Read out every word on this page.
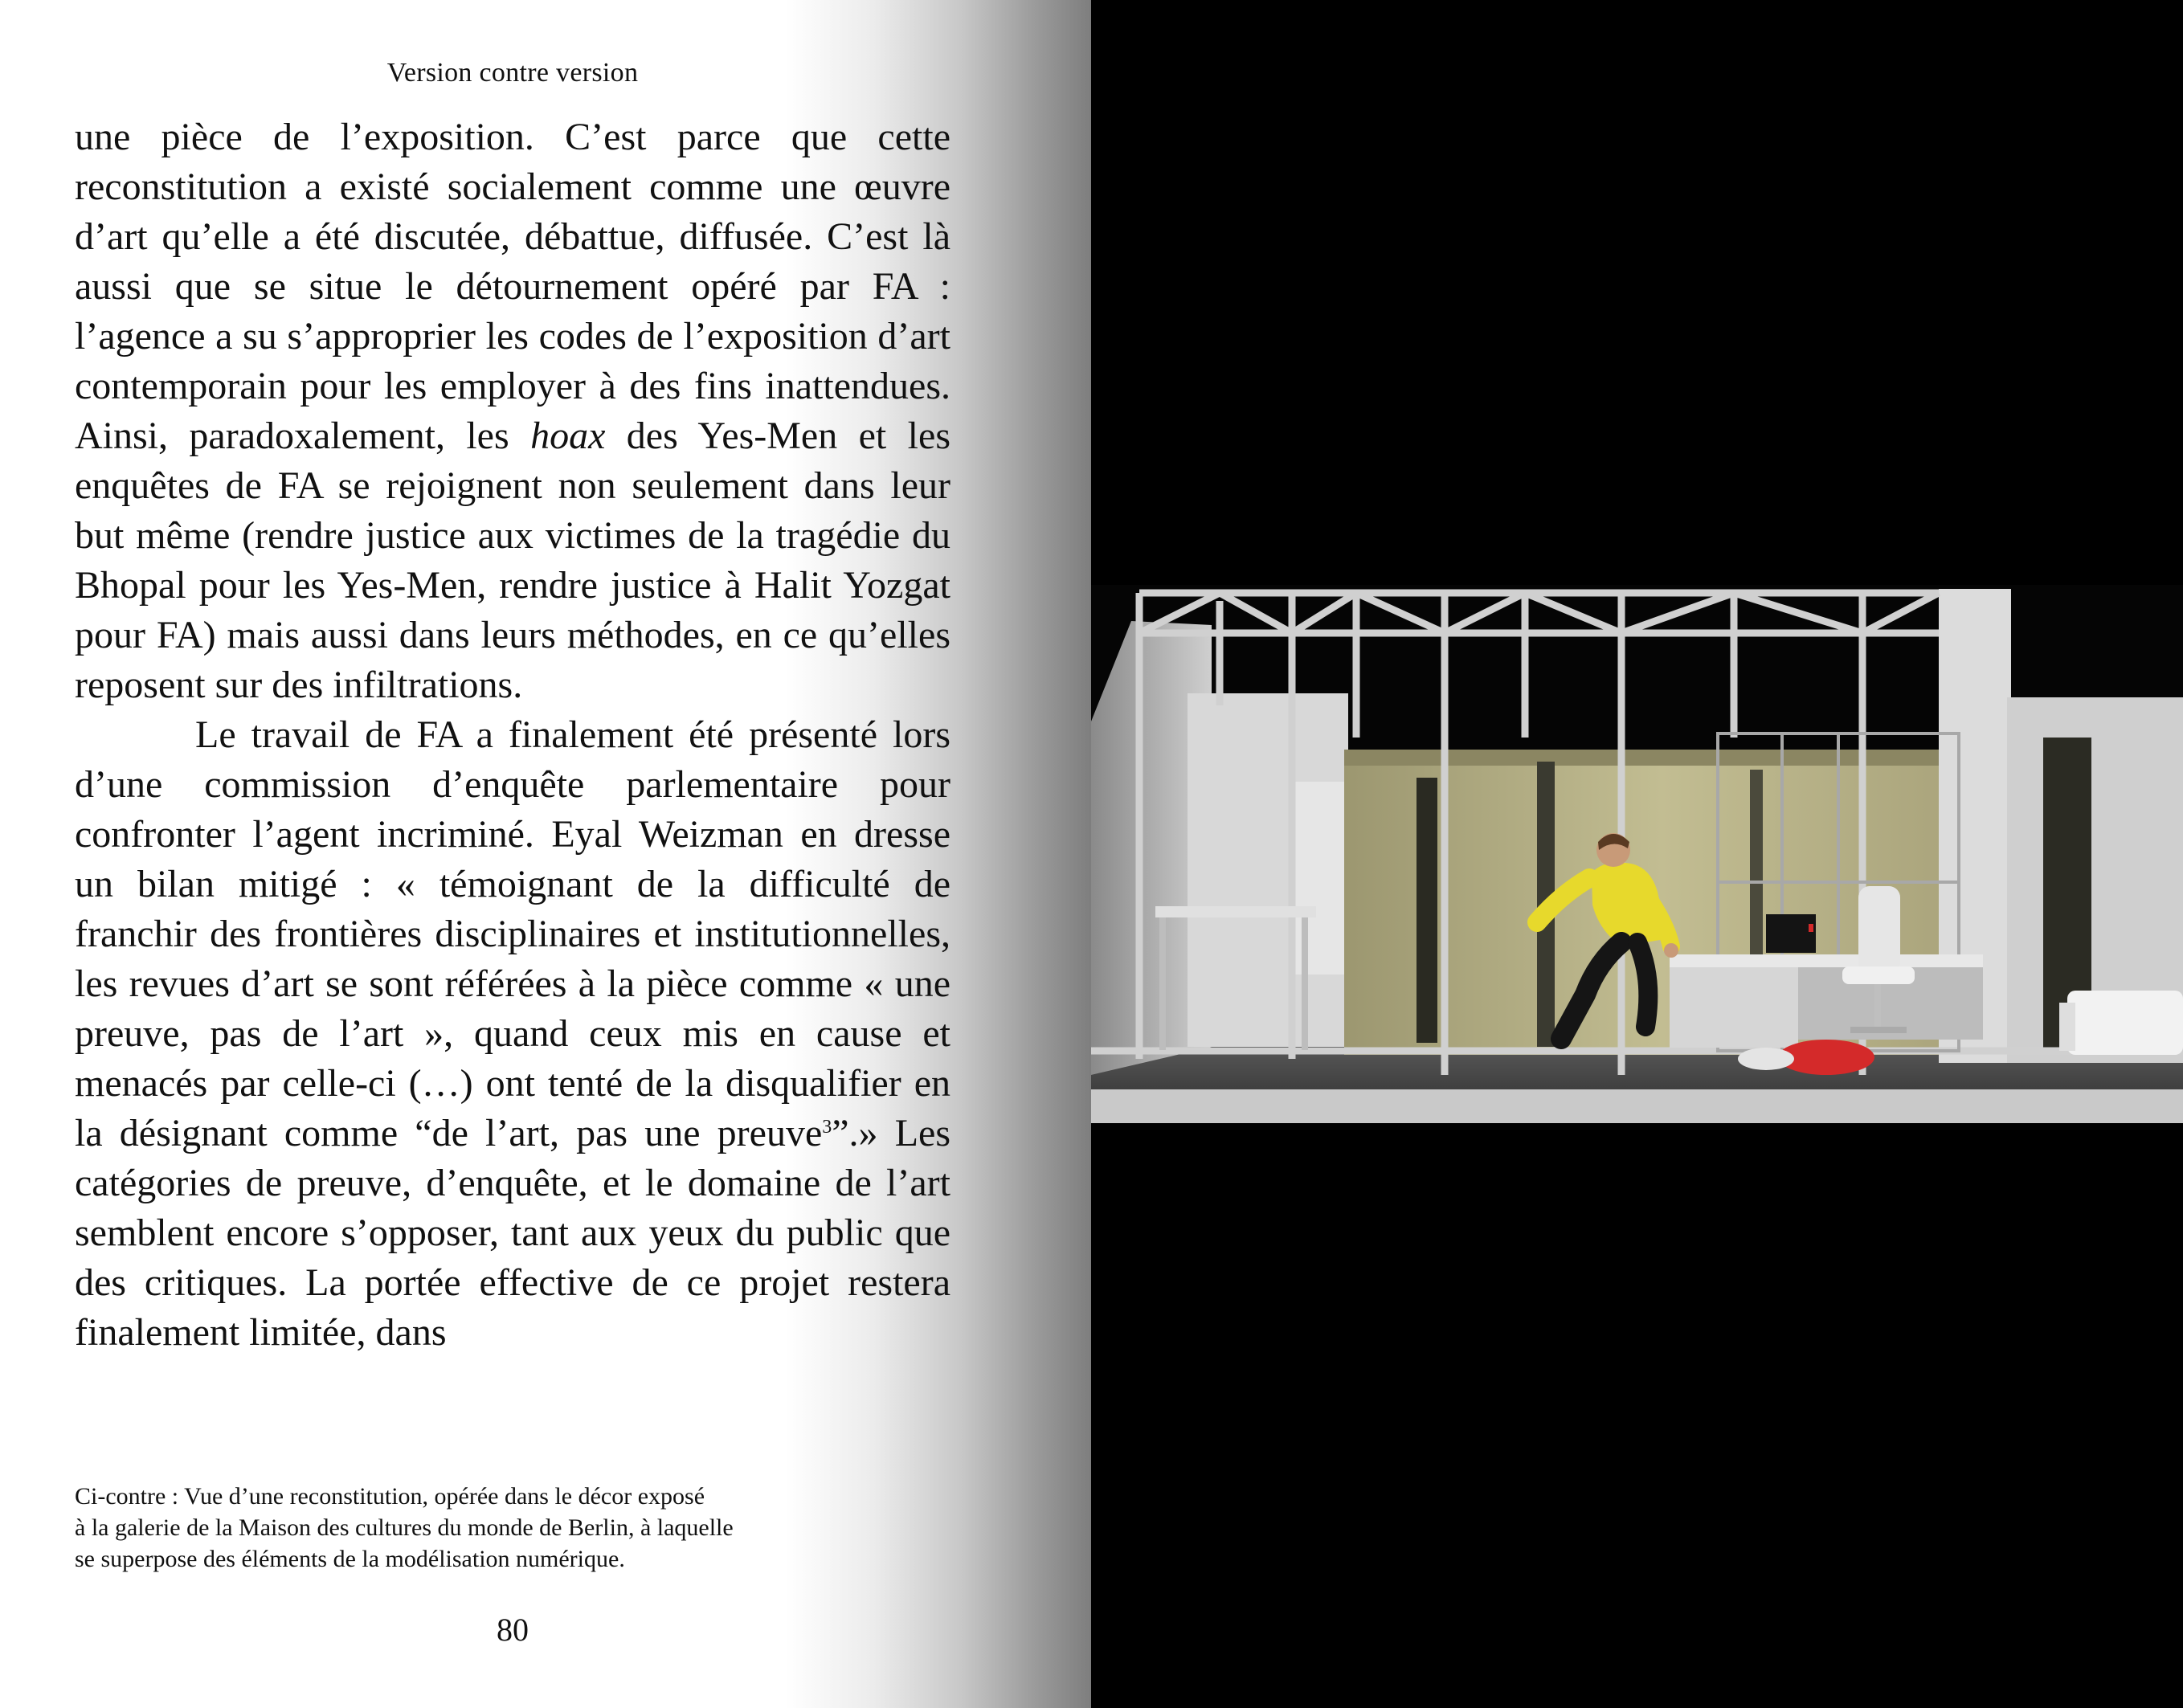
Version contre version

une pièce de l’exposition. C’est parce que cette reconstitution a existé socialement comme une œuvre d’art qu’elle a été discutée, débattue, diffusée. C’est là aussi que se situe le détournement opéré par FA : l’agence a su s’approprier les codes de l’exposition d’art contemporain pour les employer à des fins inattendues. Ainsi, paradoxalement, les hoax des Yes-Men et les enquêtes de FA se rejoignent non seulement dans leur but même (rendre justice aux victimes de la tragédie du Bhopal pour les Yes-Men, rendre justice à Halit Yozgat pour FA) mais aussi dans leurs méthodes, en ce qu’elles reposent sur des infiltrations.

Le travail de FA a finalement été présenté lors d’une commission d’enquête parlementaire pour confronter l’agent incriminé. Eyal Weizman en dresse un bilan mitigé : « témoignant de la difficulté de franchir des frontières disciplinaires et institutionnelles, les revues d’art se sont référées à la pièce comme « une preuve, pas de l’art », quand ceux mis en cause et menacés par celle-ci (…) ont tenté de la disqualifier en la désignant comme “de l’art, pas une preuve$^3$”.» Les catégories de preuve, d’enquête, et le domaine de l’art semblent encore s’opposer, tant aux yeux du public que des critiques. La portée effective de ce projet restera finalement limitée, dans

Ci-contre : Vue d’une reconstitution, opérée dans le décor exposé
à la galerie de la Maison des cultures du monde de Berlin, à laquelle
se superpose des éléments de la modélisation numérique.
80
